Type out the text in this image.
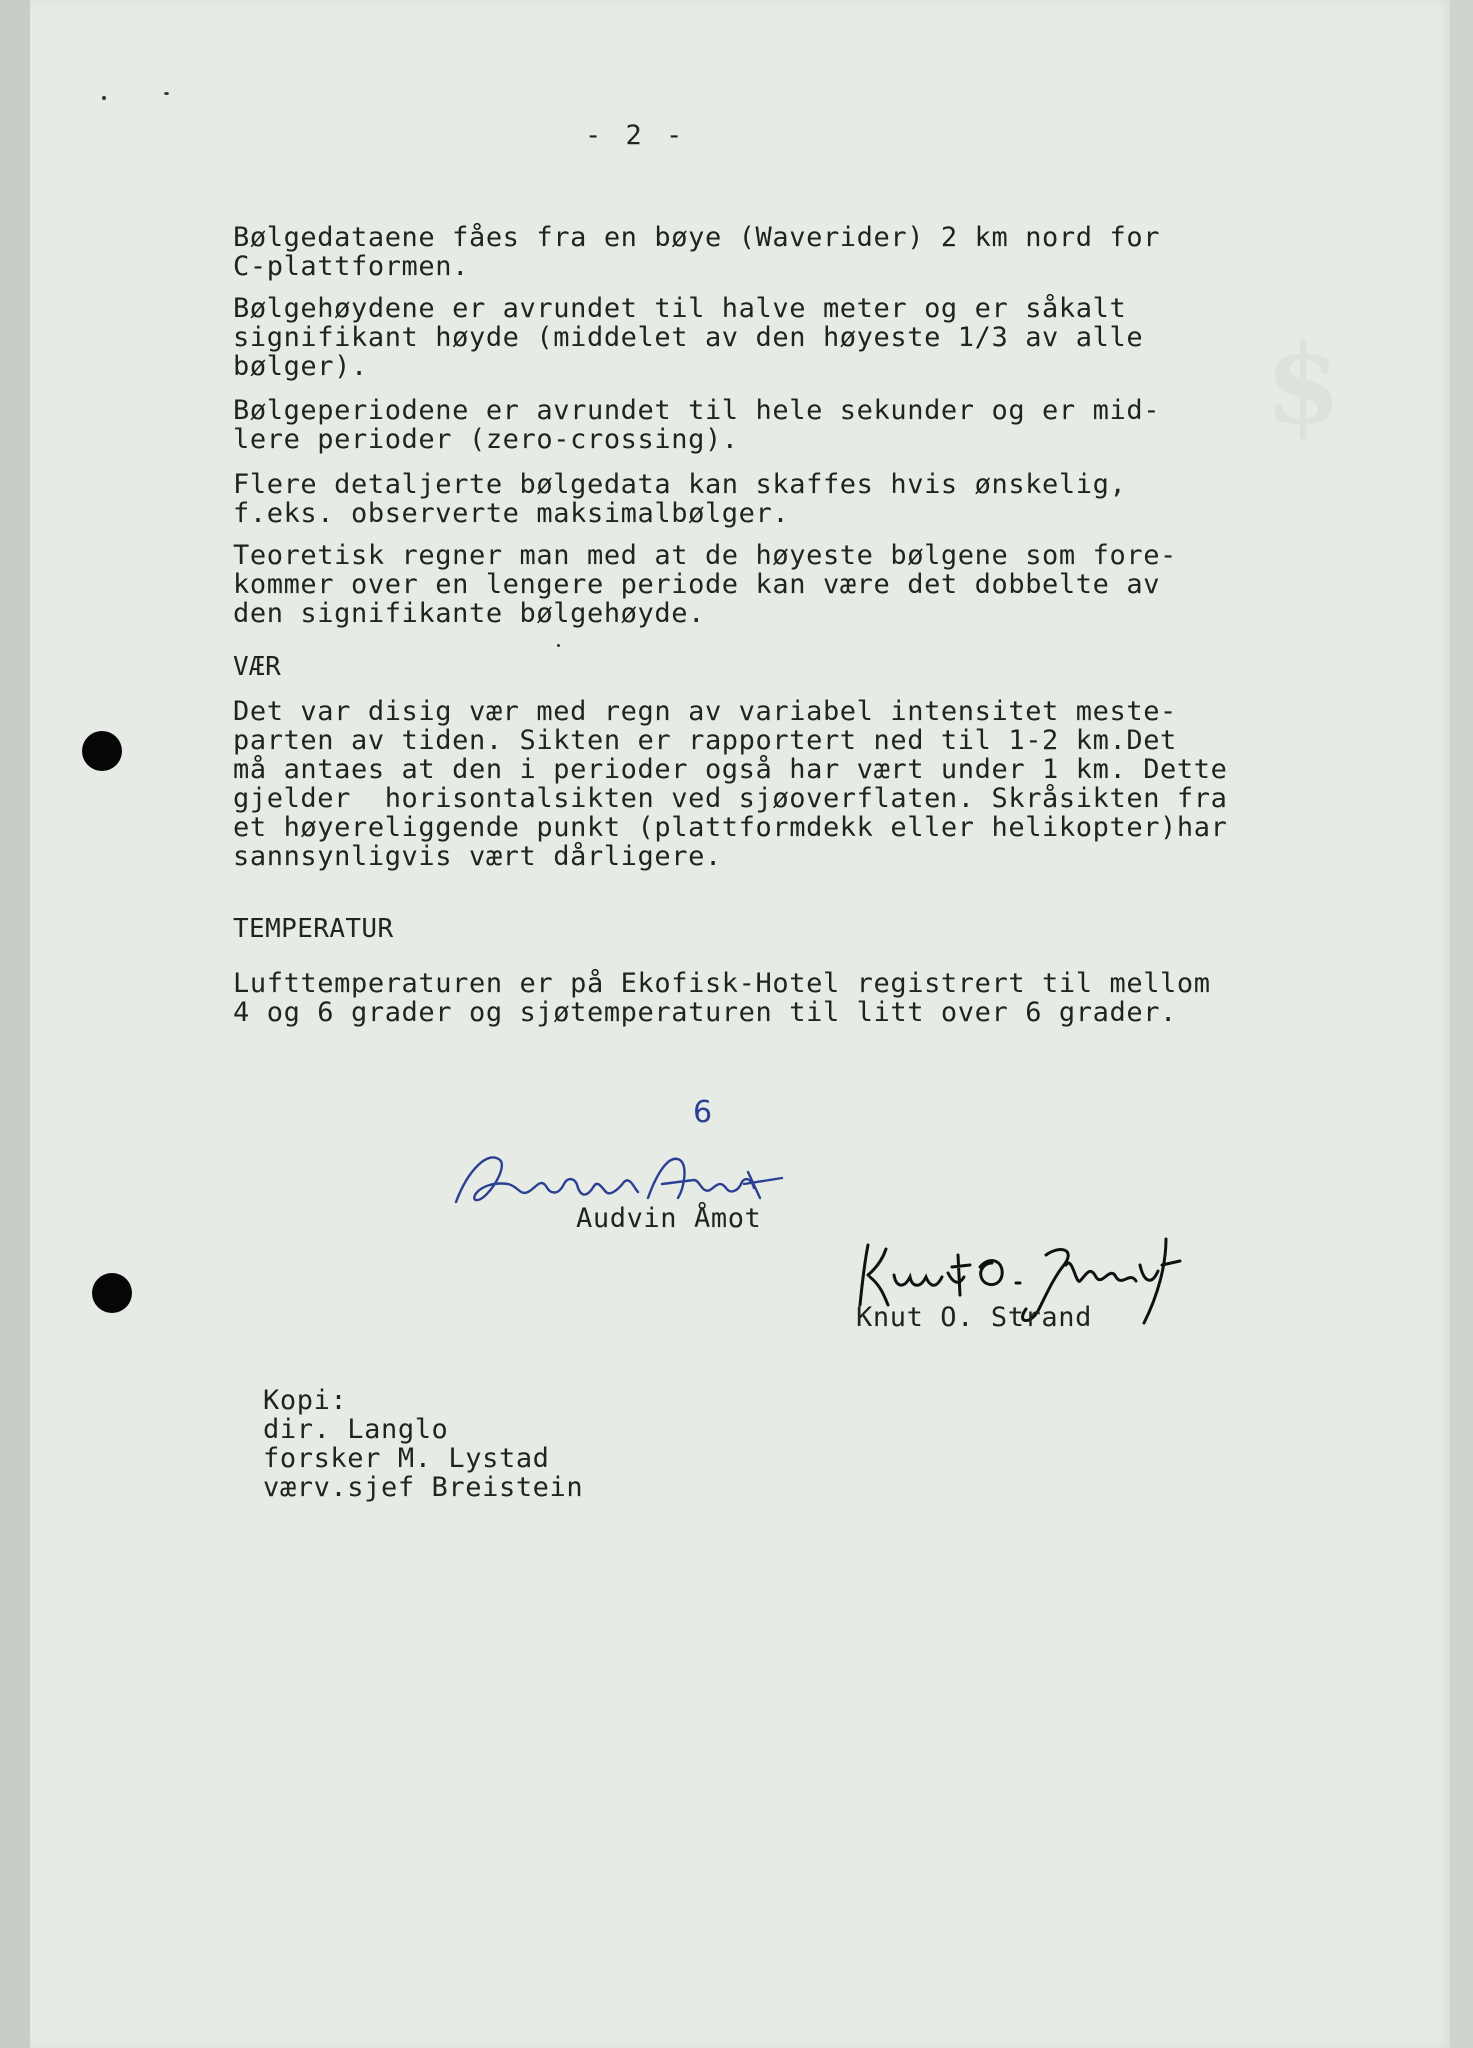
- 2 -
Bølgedataene fåes fra en bøye (Waverider) 2 km nord for
C-plattformen.
Bølgehøydene er avrundet til halve meter og er såkalt
signifikant høyde (middelet av den høyeste 1/3 av alle
bølger).
Bølgeperiodene er avrundet til hele sekunder og er mid-
lere perioder (zero-crossing).
Flere detaljerte bølgedata kan skaffes hvis ønskelig,
f.eks. observerte maksimalbølger.
Teoretisk regner man med at de høyeste bølgene som fore-
kommer over en lengere periode kan være det dobbelte av
den signifikante bølgehøyde.
VÆR
Det var disig vær med regn av variabel intensitet meste-
parten av tiden. Sikten er rapportert ned til 1-2 km.Det
må antaes at den i perioder også har vært under 1 km. Dette
gjelder  horisontalsikten ved sjøoverflaten. Skråsikten fra
et høyereliggende punkt (plattformdekk eller helikopter)har
sannsynligvis vært dårligere.
TEMPERATUR
Lufttemperaturen er på Ekofisk-Hotel registrert til mellom
4 og 6 grader og sjøtemperaturen til litt over 6 grader.
6
Audvin Åmot
Knut O. Strand
Kopi:
dir. Langlo
forsker M. Lystad
værv.sjef Breistein
